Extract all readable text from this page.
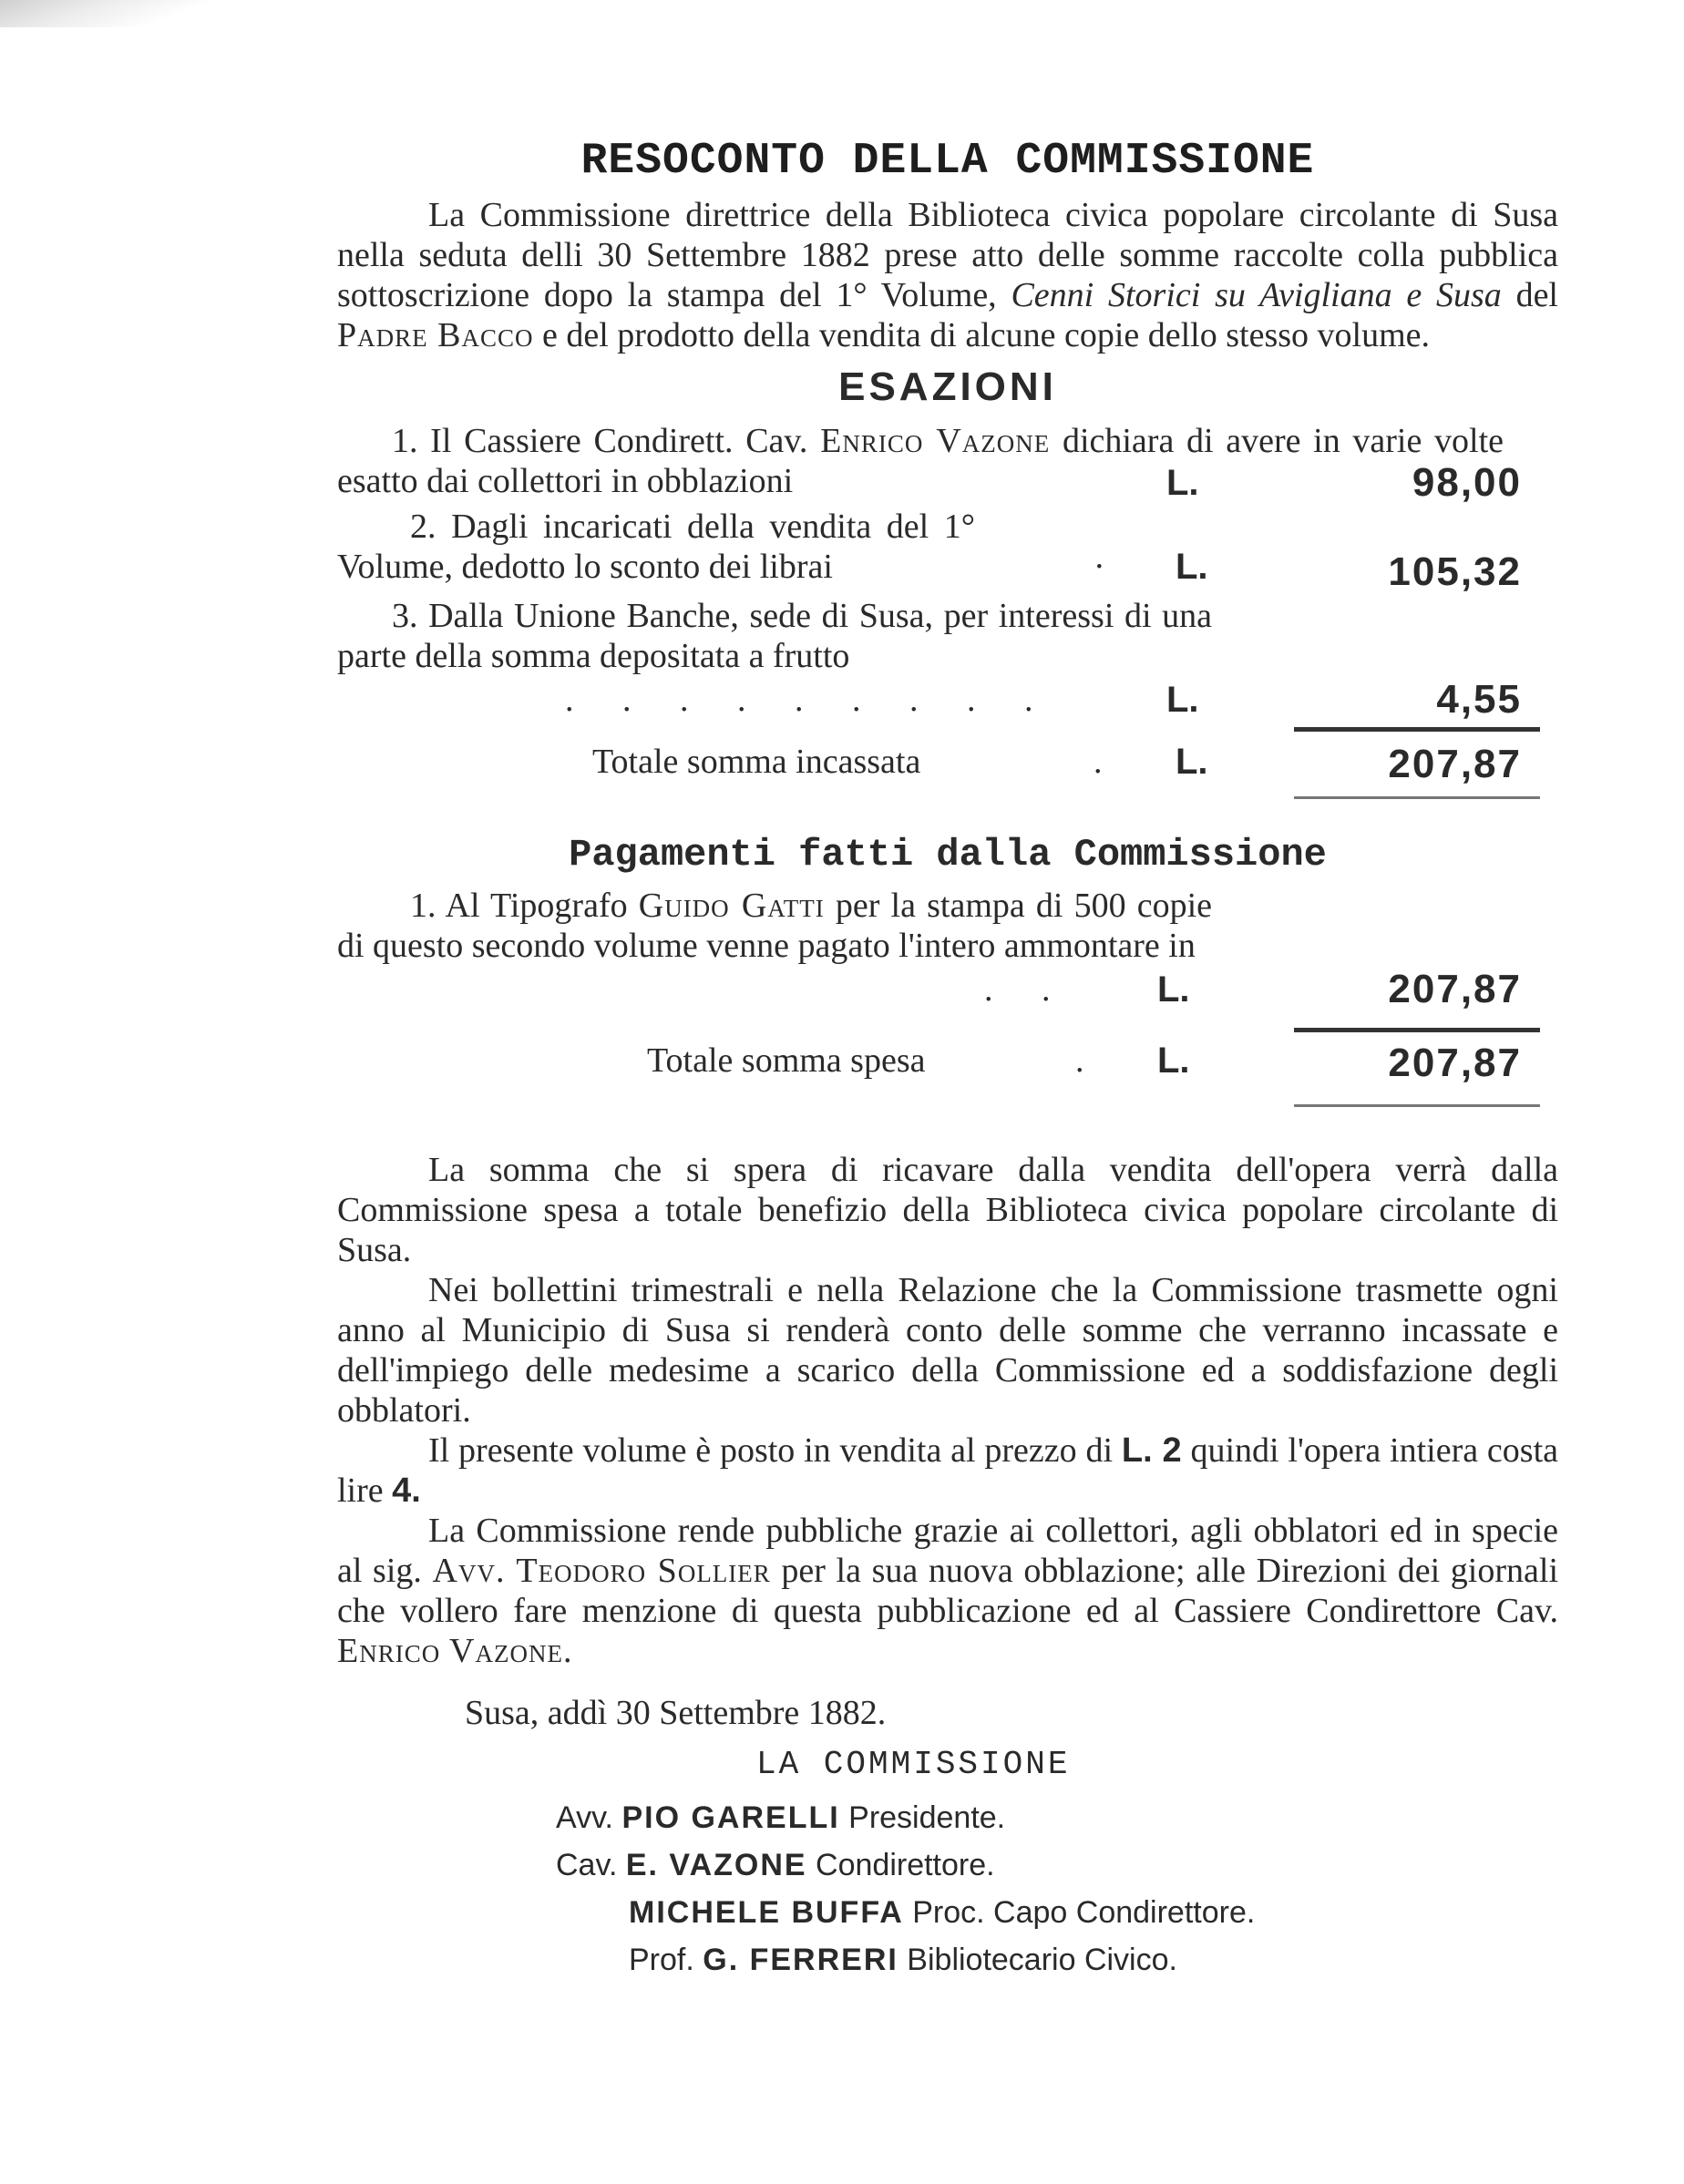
RESOCONTO DELLA COMMISSIONE

La Commissione direttrice della Biblioteca civica popolare circolante di Susa nella seduta delli 30 Settembre 1882 prese atto delle somme raccolte colla pubblica sottoscrizione dopo la stampa del 1° Volume, Cenni Storici su Avigliana e Susa del Padre Bacco e del prodotto della vendita di alcune copie dello stesso volume.

ESAZIONI
1. Il Cassiere Condirett. Cav. Enrico Vazone dichiara di avere in varie volte esatto dai collettori in obblazioni	L.	98,00
2. Dagli incaricati della vendita del 1° Volume, dedotto lo sconto dei librai	· L.	105,32
3. Dalla Unione Banche, sede di Susa, per interessi di una parte della somma depositata a frutto
. . . . . . . . .	L.	4,55
Totale somma incassata	. L.	207,87
Pagamenti fatti dalla Commissione
1. Al Tipografo Guido Gatti per la stampa di 500 copie di questo secondo volume venne pagato l'intero ammontare in
. . L.	207,87
Totale somma spesa	. L.	207,87

La somma che si spera di ricavare dalla vendita dell'opera verrà dalla Commissione spesa a totale benefizio della Biblioteca civica popolare circolante di Susa.

Nei bollettini trimestrali e nella Relazione che la Commissione trasmette ogni anno al Municipio di Susa si renderà conto delle somme che verranno incassate e dell'impiego delle medesime a scarico della Commissione ed a soddisfazione degli obblatori.

Il presente volume è posto in vendita al prezzo di L. 2 quindi l'opera intiera costa lire 4.

La Commissione rende pubbliche grazie ai collettori, agli obblatori ed in specie al sig. Avv. Teodoro Sollier per la sua nuova obblazione; alle Direzioni dei giornali che vollero fare menzione di questa pubblicazione ed al Cassiere Condirettore Cav. Enrico Vazone.

Susa, addì 30 Settembre 1882.
LA COMMISSIONE
Avv. PIO GARELLI Presidente.
Cav. E. VAZONE Condirettore.
MICHELE BUFFA Proc. Capo Condirettore.
Prof. G. FERRERI Bibliotecario Civico.
